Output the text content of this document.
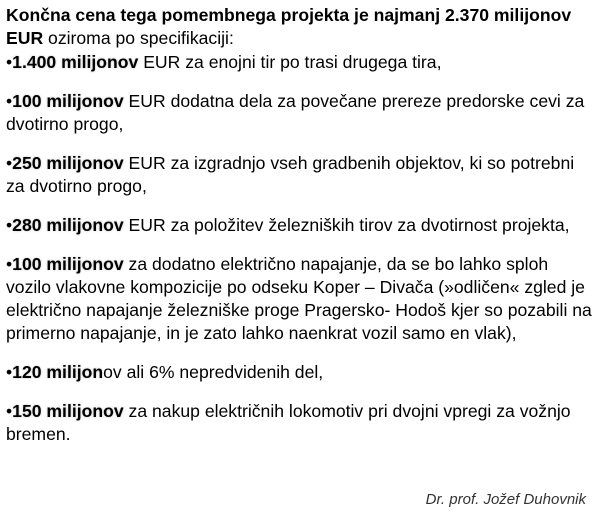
Končna cena tega pomembnega projekta je najmanj 2.370 milijonov EUR oziroma po specifikaciji:
•1.400 milijonov EUR za enojni tir po trasi drugega tira,
•100 milijonov EUR dodatna dela za povečane prereze predorske cevi za dvotirno progo,
•250 milijonov EUR za izgradnjo vseh gradbenih objektov, ki so potrebni za dvotirno progo,
•280 milijonov EUR za položitev železniških tirov za dvotirnost projekta,
•100 milijonov za dodatno električno napajanje, da se bo lahko sploh vozilo vlakovne kompozicije po odseku Koper – Divača (»odličen« zgled je električno napajanje železniške proge Pragersko- Hodoš kjer so pozabili na primerno napajanje, in je zato lahko naenkrat vozil samo en vlak),
•120 milijonov ali 6% nepredvidenih del,
•150 milijonov za nakup električnih lokomotiv pri dvojni vpregi za vožnjo bremen.
Dr. prof. Jožef Duhovnik
